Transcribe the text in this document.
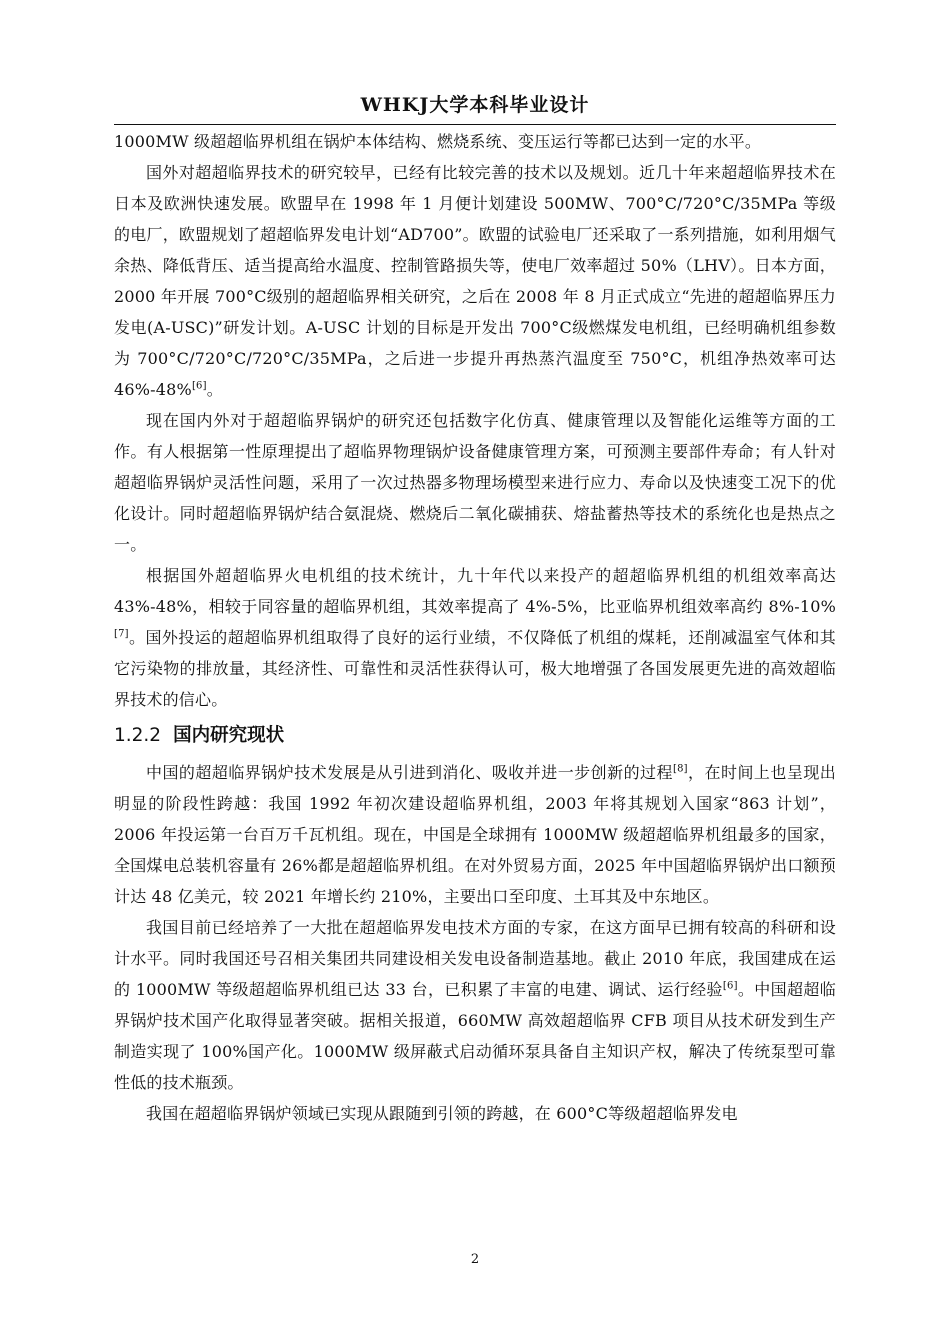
WHKJ大学本科毕业设计

1000MW 级超超临界机组在锅炉本体结构、燃烧系统、变压运行等都已达到一定的水平。

国外对超超临界技术的研究较早，已经有比较完善的技术以及规划。近几十年来超超临界技术在日本及欧洲快速发展。欧盟早在 1998 年 1 月便计划建设 500MW、700°C/720°C/35MPa 等级的电厂，欧盟规划了超超临界发电计划“AD700”。欧盟的试验电厂还采取了一系列措施，如利用烟气余热、降低背压、适当提高给水温度、控制管路损失等，使电厂效率超过 50%（LHV）。日本方面，2000 年开展 700°C级别的超超临界相关研究，之后在 2008 年 8 月正式成立“先进的超超临界压力发电(A-USC)”研发计划。A-USC 计划的目标是开发出 700°C级燃煤发电机组，已经明确机组参数为 700°C/720°C/720°C/35MPa，之后进一步提升再热蒸汽温度至 750°C，机组净热效率可达 46%-48%[6]。

现在国内外对于超超临界锅炉的研究还包括数字化仿真、健康管理以及智能化运维等方面的工作。有人根据第一性原理提出了超临界物理锅炉设备健康管理方案，可预测主要部件寿命；有人针对超超临界锅炉灵活性问题，采用了一次过热器多物理场模型来进行应力、寿命以及快速变工况下的优化设计。同时超超临界锅炉结合氨混烧、燃烧后二氧化碳捕获、熔盐蓄热等技术的系统化也是热点之一。

根据国外超超临界火电机组的技术统计，九十年代以来投产的超超临界机组的机组效率高达 43%-48%，相较于同容量的超临界机组，其效率提高了 4%-5%，比亚临界机组效率高约 8%-10%[7]。国外投运的超超临界机组取得了良好的运行业绩，不仅降低了机组的煤耗，还削减温室气体和其它污染物的排放量，其经济性、可靠性和灵活性获得认可，极大地增强了各国发展更先进的高效超临界技术的信心。

1.2.2 国内研究现状

中国的超超临界锅炉技术发展是从引进到消化、吸收并进一步创新的过程[8]，在时间上也呈现出明显的阶段性跨越：我国 1992 年初次建设超临界机组，2003 年将其规划入国家“863 计划”，2006 年投运第一台百万千瓦机组。现在，中国是全球拥有 1000MW 级超超临界机组最多的国家，全国煤电总装机容量有 26%都是超超临界机组。在对外贸易方面，2025 年中国超临界锅炉出口额预计达 48 亿美元，较 2021 年增长约 210%，主要出口至印度、土耳其及中东地区。

我国目前已经培养了一大批在超超临界发电技术方面的专家，在这方面早已拥有较高的科研和设计水平。同时我国还号召相关集团共同建设相关发电设备制造基地。截止 2010 年底，我国建成在运的 1000MW 等级超超临界机组已达 33 台，已积累了丰富的电建、调试、运行经验[6]。中国超超临界锅炉技术国产化取得显著突破。据相关报道，660MW 高效超超临界 CFB 项目从技术研发到生产制造实现了 100%国产化。1000MW 级屏蔽式启动循环泵具备自主知识产权，解决了传统泵型可靠性低的技术瓶颈。

我国在超超临界锅炉领域已实现从跟随到引领的跨越，在 600°C等级超超临界发电

2
